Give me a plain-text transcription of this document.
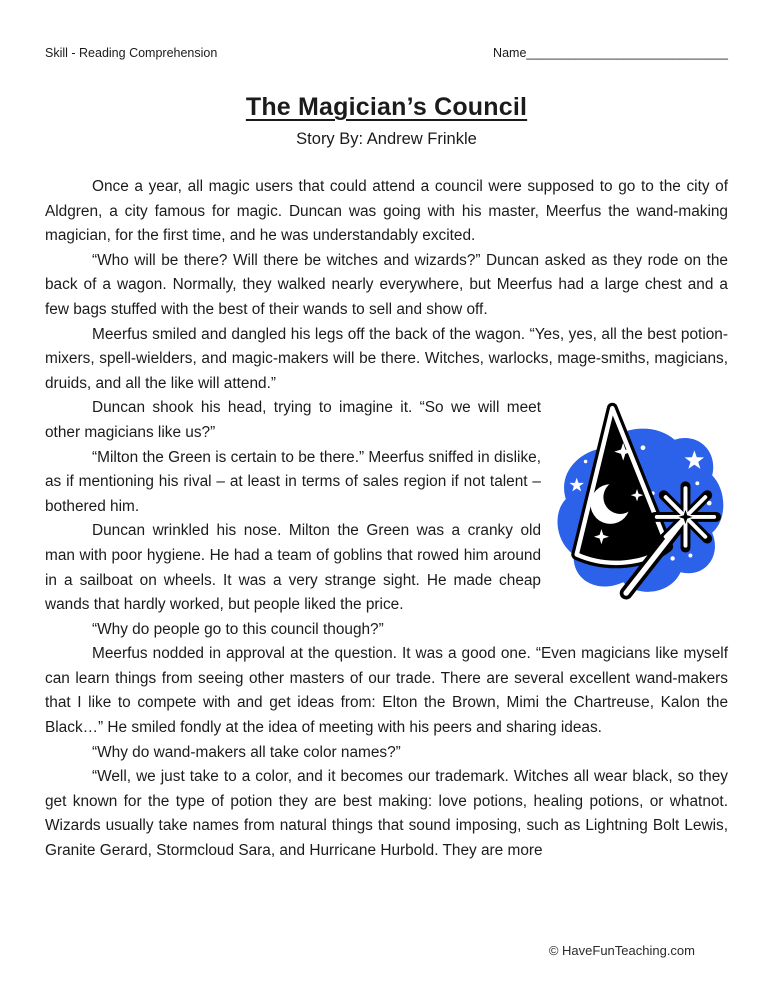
Skill - Reading Comprehension	Name_____________________________
The Magician’s Council
Story By: Andrew Frinkle

Once a year, all magic users that could attend a council were supposed to go to the city of Aldgren, a city famous for magic. Duncan was going with his master, Meerfus the wand-making magician, for the first time, and he was understandably excited.

“Who will be there? Will there be witches and wizards?” Duncan asked as they rode on the back of a wagon. Normally, they walked nearly everywhere, but Meerfus had a large chest and a few bags stuffed with the best of their wands to sell and show off.

Meerfus smiled and dangled his legs off the back of the wagon. “Yes, yes, all the best potion-mixers, spell-wielders, and magic-makers will be there. Witches, warlocks, mage-smiths, magicians, druids, and all the like will attend.”

Duncan shook his head, trying to imagine it. “So we will meet other magicians like us?”

“Milton the Green is certain to be there.” Meerfus sniffed in dislike, as if mentioning his rival – at least in terms of sales region if not talent – bothered him.

Duncan wrinkled his nose. Milton the Green was a cranky old man with poor hygiene. He had a team of goblins that rowed him around in a sailboat on wheels. It was a very strange sight. He made cheap wands that hardly worked, but people liked the price.

“Why do people go to this council though?”

Meerfus nodded in approval at the question. It was a good one. “Even magicians like myself can learn things from seeing other masters of our trade. There are several excellent wand-makers that I like to compete with and get ideas from: Elton the Brown, Mimi the Chartreuse, Kalon the Black…” He smiled fondly at the idea of meeting with his peers and sharing ideas.

“Why do wand-makers all take color names?”

“Well, we just take to a color, and it becomes our trademark. Witches all wear black, so they get known for the type of potion they are best making: love potions, healing potions, or whatnot. Wizards usually take names from natural things that sound imposing, such as Lightning Bolt Lewis, Granite Gerard, Stormcloud Sara, and Hurricane Hurbold. They are more

© HaveFunTeaching.com
